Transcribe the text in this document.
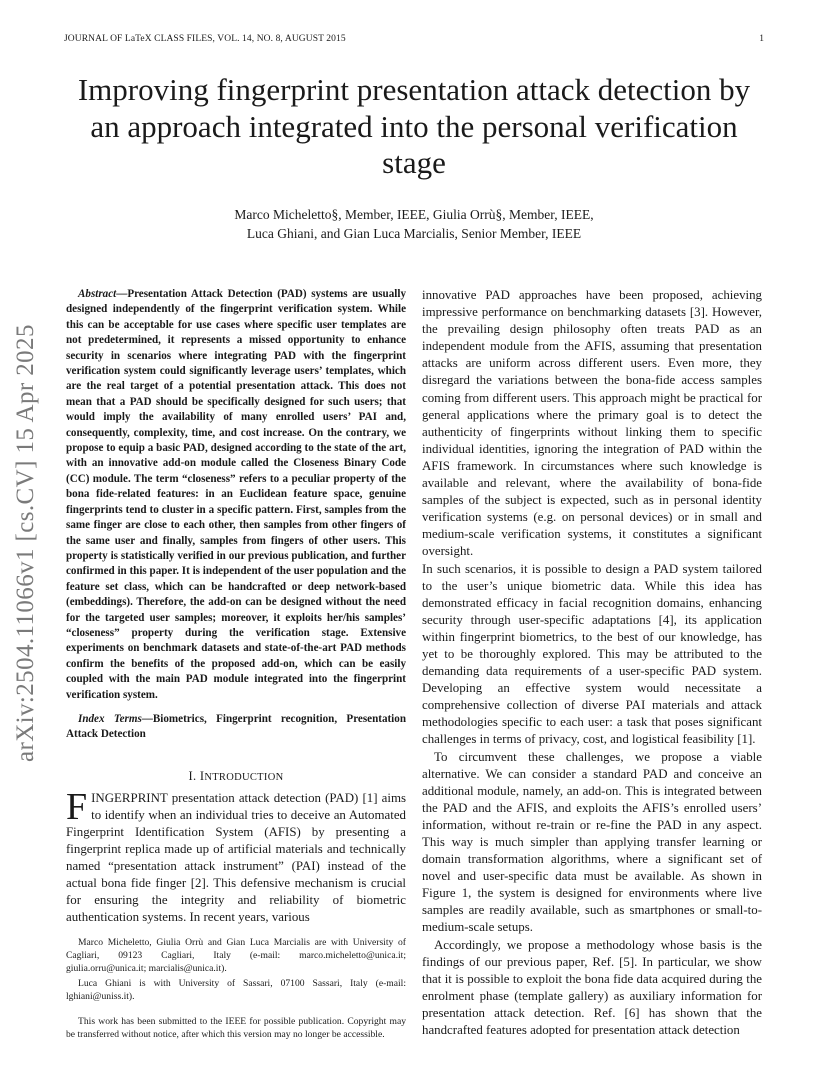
JOURNAL OF LaTeX CLASS FILES, VOL. 14, NO. 8, AUGUST 2015	1
arXiv:2504.11066v1 [cs.CV] 15 Apr 2025
Improving fingerprint presentation attack detection by an approach integrated into the personal verification stage
Marco Micheletto§, Member, IEEE, Giulia Orrù§, Member, IEEE,
Luca Ghiani, and Gian Luca Marcialis, Senior Member, IEEE

Abstract—Presentation Attack Detection (PAD) systems are usually designed independently of the fingerprint verification system. While this can be acceptable for use cases where specific user templates are not predetermined, it represents a missed opportunity to enhance security in scenarios where integrating PAD with the fingerprint verification system could significantly leverage users’ templates, which are the real target of a potential presentation attack. This does not mean that a PAD should be specifically designed for such users; that would imply the availability of many enrolled users’ PAI and, consequently, complexity, time, and cost increase. On the contrary, we propose to equip a basic PAD, designed according to the state of the art, with an innovative add-on module called the Closeness Binary Code (CC) module. The term “closeness” refers to a peculiar property of the bona fide-related features: in an Euclidean feature space, genuine fingerprints tend to cluster in a specific pattern. First, samples from the same finger are close to each other, then samples from other fingers of the same user and finally, samples from fingers of other users. This property is statistically verified in our previous publication, and further confirmed in this paper. It is independent of the user population and the feature set class, which can be handcrafted or deep network-based (embeddings). Therefore, the add-on can be designed without the need for the targeted user samples; moreover, it exploits her/his samples’ “closeness” property during the verification stage. Extensive experiments on benchmark datasets and state-of-the-art PAD methods confirm the benefits of the proposed add-on, which can be easily coupled with the main PAD module integrated into the fingerprint verification system.

Index Terms—Biometrics, Fingerprint recognition, Presentation Attack Detection

I. INTRODUCTION

FINGERPRINT presentation attack detection (PAD) [1] aims to identify when an individual tries to deceive an Automated Fingerprint Identification System (AFIS) by presenting a fingerprint replica made up of artificial materials and technically named “presentation attack instrument” (PAI) instead of the actual bona fide finger [2]. This defensive mechanism is crucial for ensuring the integrity and reliability of biometric authentication systems. In recent years, various

Marco Micheletto, Giulia Orrù and Gian Luca Marcialis are with University of Cagliari, 09123 Cagliari, Italy (e-mail: marco.micheletto@unica.it; giulia.orru@unica.it; marcialis@unica.it).

Luca Ghiani is with University of Sassari, 07100 Sassari, Italy (e-mail: lghiani@uniss.it).

This work has been submitted to the IEEE for possible publication. Copyright may be transferred without notice, after which this version may no longer be accessible.

innovative PAD approaches have been proposed, achieving impressive performance on benchmarking datasets [3]. However, the prevailing design philosophy often treats PAD as an independent module from the AFIS, assuming that presentation attacks are uniform across different users. Even more, they disregard the variations between the bona-fide access samples coming from different users. This approach might be practical for general applications where the primary goal is to detect the authenticity of fingerprints without linking them to specific individual identities, ignoring the integration of PAD within the AFIS framework. In circumstances where such knowledge is available and relevant, where the availability of bona-fide samples of the subject is expected, such as in personal identity verification systems (e.g. on personal devices) or in small and medium-scale verification systems, it constitutes a significant oversight.

In such scenarios, it is possible to design a PAD system tailored to the user’s unique biometric data. While this idea has demonstrated efficacy in facial recognition domains, enhancing security through user-specific adaptations [4], its application within fingerprint biometrics, to the best of our knowledge, has yet to be thoroughly explored. This may be attributed to the demanding data requirements of a user-specific PAD system. Developing an effective system would necessitate a comprehensive collection of diverse PAI materials and attack methodologies specific to each user: a task that poses significant challenges in terms of privacy, cost, and logistical feasibility [1].

To circumvent these challenges, we propose a viable alternative. We can consider a standard PAD and conceive an additional module, namely, an add-on. This is integrated between the PAD and the AFIS, and exploits the AFIS’s enrolled users’ information, without re-train or re-fine the PAD in any aspect. This way is much simpler than applying transfer learning or domain transformation algorithms, where a significant set of novel and user-specific data must be available. As shown in Figure 1, the system is designed for environments where live samples are readily available, such as smartphones or small-to-medium-scale setups.

Accordingly, we propose a methodology whose basis is the findings of our previous paper, Ref. [5]. In particular, we show that it is possible to exploit the bona fide data acquired during the enrolment phase (template gallery) as auxiliary information for presentation attack detection. Ref. [6] has shown that the handcrafted features adopted for presentation attack detection
